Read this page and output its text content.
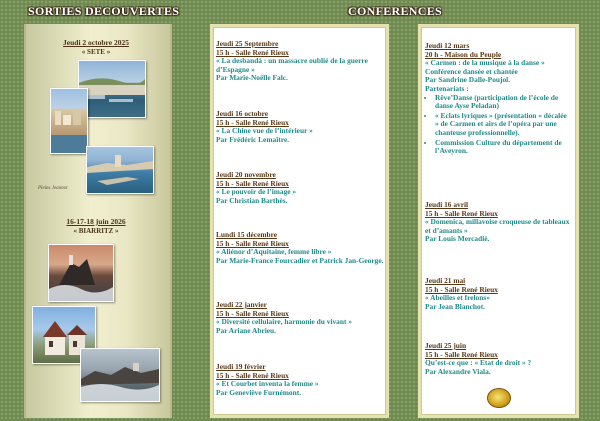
SORTIES DECOUVERTES	CONFERENCES
Jeudi 2 octobre 2025
« SETE »
Pleins Jeannot
16-17-18 juin 2026
« BIARRITZ »
Jeudi 25 Septembre
15 h - Salle René Rieux
« La desbandá : un massacre oublié de la guerre d’Espagne »
Par Marie-Noëlle Falc.
Jeudi 16 octobre
15 h - Salle René Rieux
« La Chine vue de l’intérieur »
Par Frédéric Lemaître.
Jeudi 20 novembre
15 h - Salle René Rieux
« Le pouvoir de l’image »
Par Christian Barthès.
Lundi 15 décembre
15 h - Salle René Rieux
« Aliénor d’Aquitaine, femme libre »
Par Marie-France Fourcadier et Patrick Jan-George.
Jeudi 22 janvier
15 h - Salle René Rieux
« Diversité cellulaire, harmonie du vivant »
Par Ariane Abrieu.
Jeudi 19 février
15 h - Salle René Rieux
« Et Courbet inventa la femme »
Par Geneviève Furnémont.
Jeudi 12 mars
20 h - Maison du Peuple
« Carmen : de la musique à la danse »
Conférence dansée et chantée
Par Sandrine Dalle-Poujol.
Partenariats :
• Rêve’Danse (participation de l’école de danse Ayse Peladan)
• « Eclats lyriques » (présentation « décalée » de Carmen et airs de l’opéra par une chanteuse professionnelle).
• Commission Culture du département de l’Aveyron.
Jeudi 16 avril
15 h - Salle René Rieux
« Domenica, millavoise croqueuse de tableaux et d’amants »
Par Louis Mercadié.
Jeudi 21 mai
15 h - Salle René Rieux
« Abeilles et frelons»
Par Jean Blanchot.
Jeudi 25 juin
15 h - Salle René Rieux
Qu’est-ce que : « Etat de droit » ?
Par Alexandre Viala.
